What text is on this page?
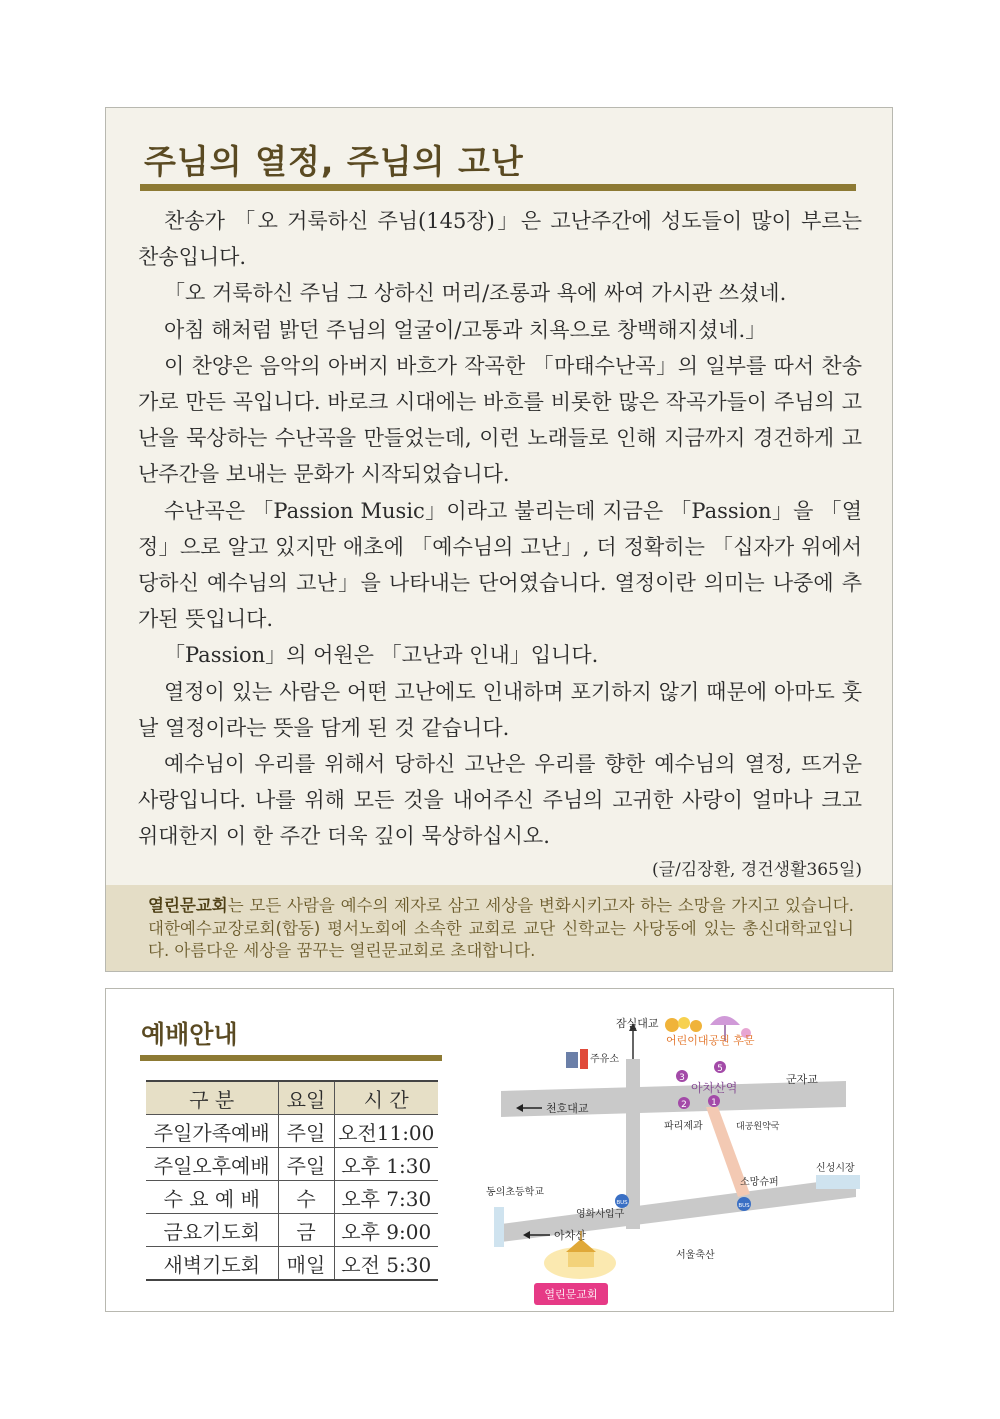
주님의 열정, 주님의 고난

찬송가 「오 거룩하신 주님(145장)」은 고난주간에 성도들이 많이 부르는 찬송입니다.

「오 거룩하신 주님 그 상하신 머리/조롱과 욕에 싸여 가시관 쓰셨네.

아침 해처럼 밝던 주님의 얼굴이/고통과 치욕으로 창백해지셨네.」

이 찬양은 음악의 아버지 바흐가 작곡한 「마태수난곡」의 일부를 따서 찬송가로 만든 곡입니다. 바로크 시대에는 바흐를 비롯한 많은 작곡가들이 주님의 고난을 묵상하는 수난곡을 만들었는데, 이런 노래들로 인해 지금까지 경건하게 고난주간을 보내는 문화가 시작되었습니다.

수난곡은 「Passion Music」이라고 불리는데 지금은 「Passion」을 「열정」으로 알고 있지만 애초에 「예수님의 고난」, 더 정확히는 「십자가 위에서 당하신 예수님의 고난」을 나타내는 단어였습니다. 열정이란 의미는 나중에 추가된 뜻입니다.

「Passion」의 어원은 「고난과 인내」입니다.

열정이 있는 사람은 어떤 고난에도 인내하며 포기하지 않기 때문에 아마도 훗날 열정이라는 뜻을 담게 된 것 같습니다.

예수님이 우리를 위해서 당하신 고난은 우리를 향한 예수님의 열정, 뜨거운 사랑입니다. 나를 위해 모든 것을 내어주신 주님의 고귀한 사랑이 얼마나 크고 위대한지 이 한 주간 더욱 깊이 묵상하십시오.

(글/김장환, 경건생활365일)
열린문교회는 모든 사람을 예수의 제자로 삼고 세상을 변화시키고자 하는 소망을 가지고 있습니다. 대한예수교장로회(합동) 평서노회에 소속한 교회로 교단 신학교는 사당동에 있는 총신대학교입니다. 아름다운 세상을 꿈꾸는 열린문교회로 초대합니다.
예배안내
구 분	요일	시 간
주일가족예배	주일	오전11:00
주일오후예배	주일	오후 1:30
수 요 예 배	수	오후 7:30
금요기도회	금	오후 9:00
새벽기도회	매일	오전 5:30
3
2
5
1
BUS	BUS
잠실대교
어린이대공원 후문
주유소
천호대교
아차산역
군자교
파리제과	대공원약국
신성시장
소망슈퍼
동의초등학교
영화사입구
아차산
서울축산
열린문교회
